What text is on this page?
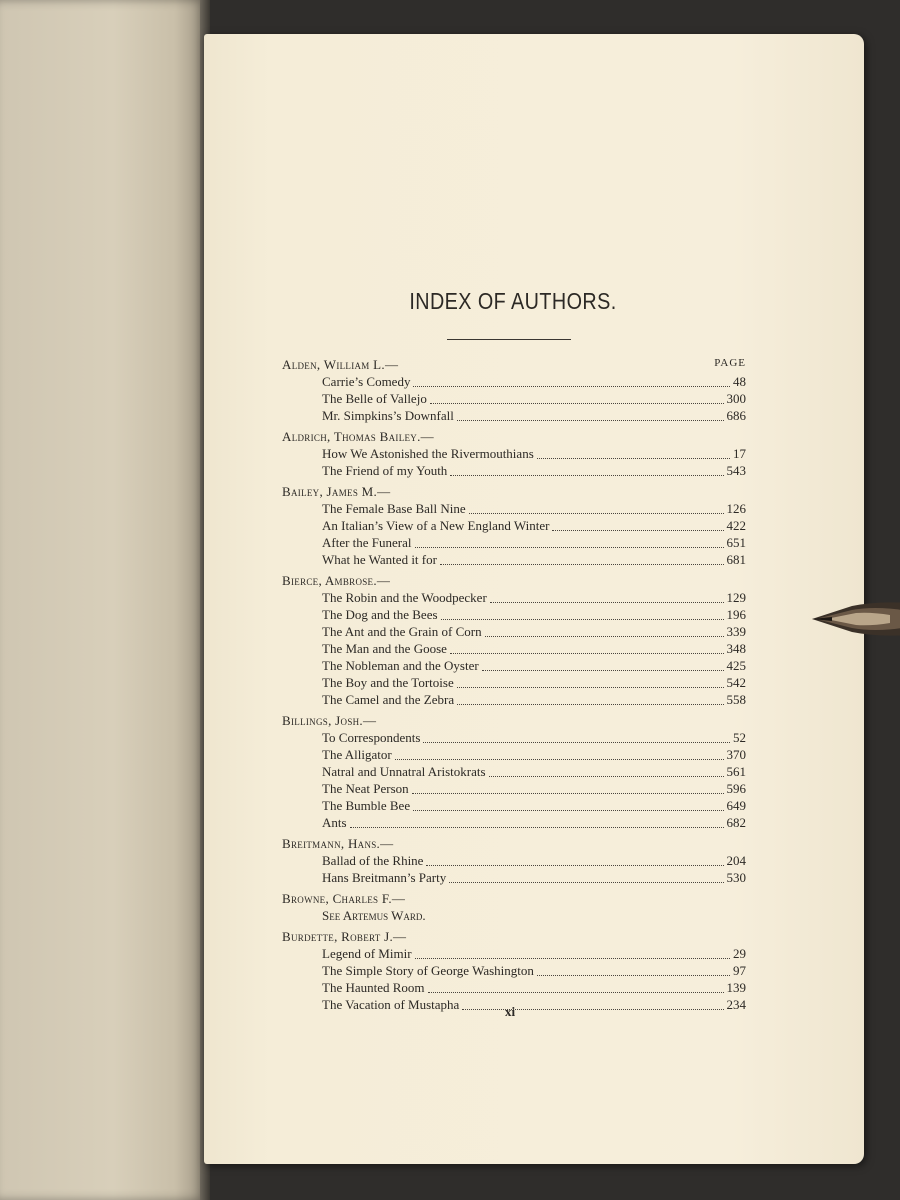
INDEX OF AUTHORS.
PAGE
Alden, William L.—
Carrie’s Comedy	48
The Belle of Vallejo	300
Mr. Simpkins’s Downfall	686
Aldrich, Thomas Bailey.—
How We Astonished the Rivermouthians	17
The Friend of my Youth	543
Bailey, James M.—
The Female Base Ball Nine	126
An Italian’s View of a New England Winter	422
After the Funeral	651
What he Wanted it for	681
Bierce, Ambrose.—
The Robin and the Woodpecker	129
The Dog and the Bees	196
The Ant and the Grain of Corn	339
The Man and the Goose	348
The Nobleman and the Oyster	425
The Boy and the Tortoise	542
The Camel and the Zebra	558
Billings, Josh.—
To Correspondents	52
The Alligator	370
Natral and Unnatral Aristokrats	561
The Neat Person	596
The Bumble Bee	649
Ants	682
Breitmann, Hans.—
Ballad of the Rhine	204
Hans Breitmann’s Party	530
Browne, Charles F.—
See Artemus Ward.
Burdette, Robert J.—
Legend of Mimir	29
The Simple Story of George Washington	97
The Haunted Room	139
The Vacation of Mustapha	234
xi
